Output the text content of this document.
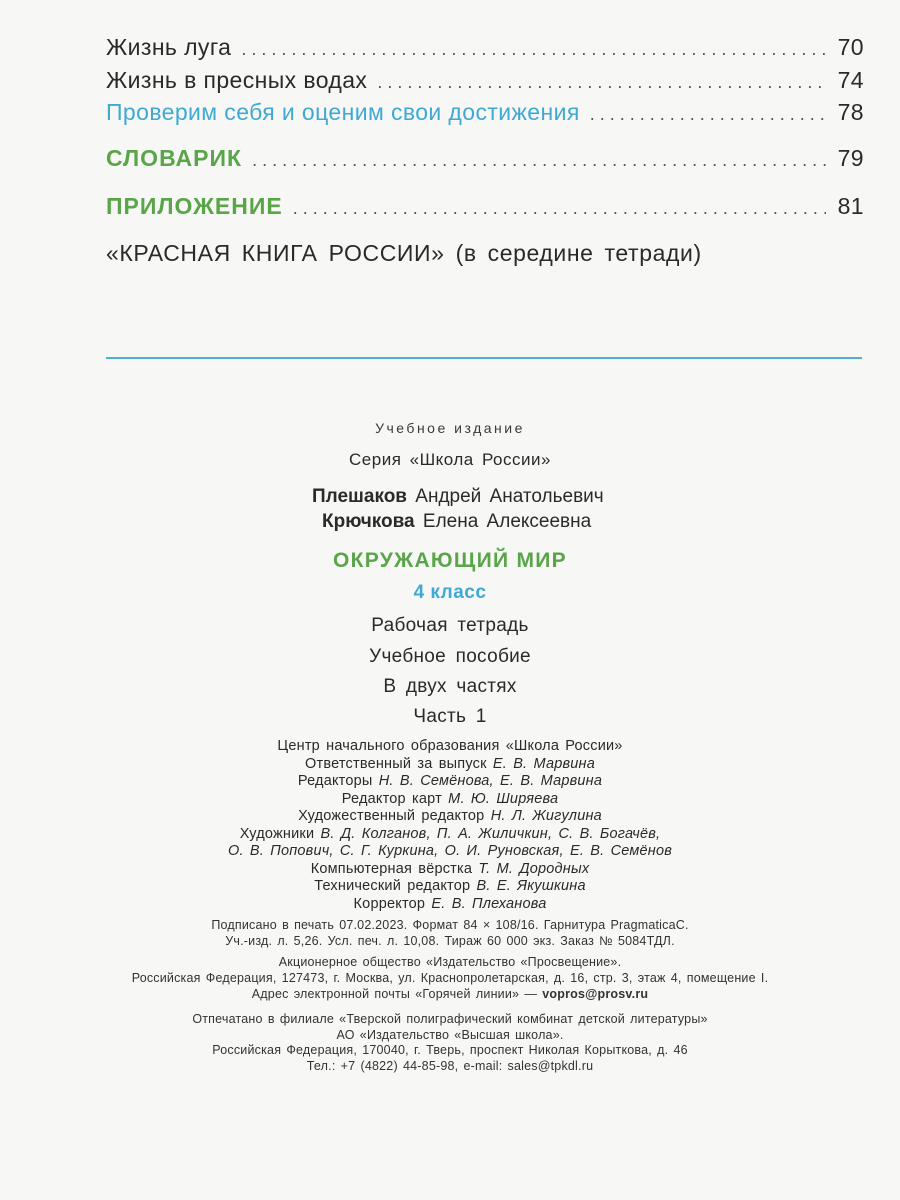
Жизнь луга . . .	70
Жизнь в пресных водах . . .	74
Проверим себя и оценим свои достижения . . .	78
СЛОВАРИК . . .	79
ПРИЛОЖЕНИЕ . . .	81
«КРАСНАЯ КНИГА РОССИИ» (в середине тетради)
Учебное издание
Серия «Школа России»
Плешаков Андрей Анатольевич
Крючкова Елена Алексеевна
ОКРУЖАЮЩИЙ МИР
4 класс
Рабочая тетрадь
Учебное пособие
В двух частях
Часть 1
Центр начального образования «Школа России»
Ответственный за выпуск Е. В. Марвина
Редакторы Н. В. Семёнова, Е. В. Марвина
Редактор карт М. Ю. Ширяева
Художественный редактор Н. Л. Жигулина
Художники В. Д. Колганов, П. А. Жиличкин, С. В. Богачёв,
О. В. Попович, С. Г. Куркина, О. И. Руновская, Е. В. Семёнов
Компьютерная вёрстка Т. М. Дородных
Технический редактор В. Е. Якушкина
Корректор Е. В. Плеханова
Подписано в печать 07.02.2023. Формат 84 × 108/16. Гарнитура PragmaticaC.
Уч.-изд. л. 5,26. Усл. печ. л. 10,08. Тираж 60 000 экз. Заказ № 5084ТДЛ.
Акционерное общество «Издательство «Просвещение».
Российская Федерация, 127473, г. Москва, ул. Краснопролетарская, д. 16, стр. 3, этаж 4, помещение I.
Адрес электронной почты «Горячей линии» — vopros@prosv.ru
Отпечатано в филиале «Тверской полиграфический комбинат детской литературы»
АО «Издательство «Высшая школа».
Российская Федерация, 170040, г. Тверь, проспект Николая Корыткова, д. 46
Тел.: +7 (4822) 44-85-98, e-mail: sales@tpkdl.ru
